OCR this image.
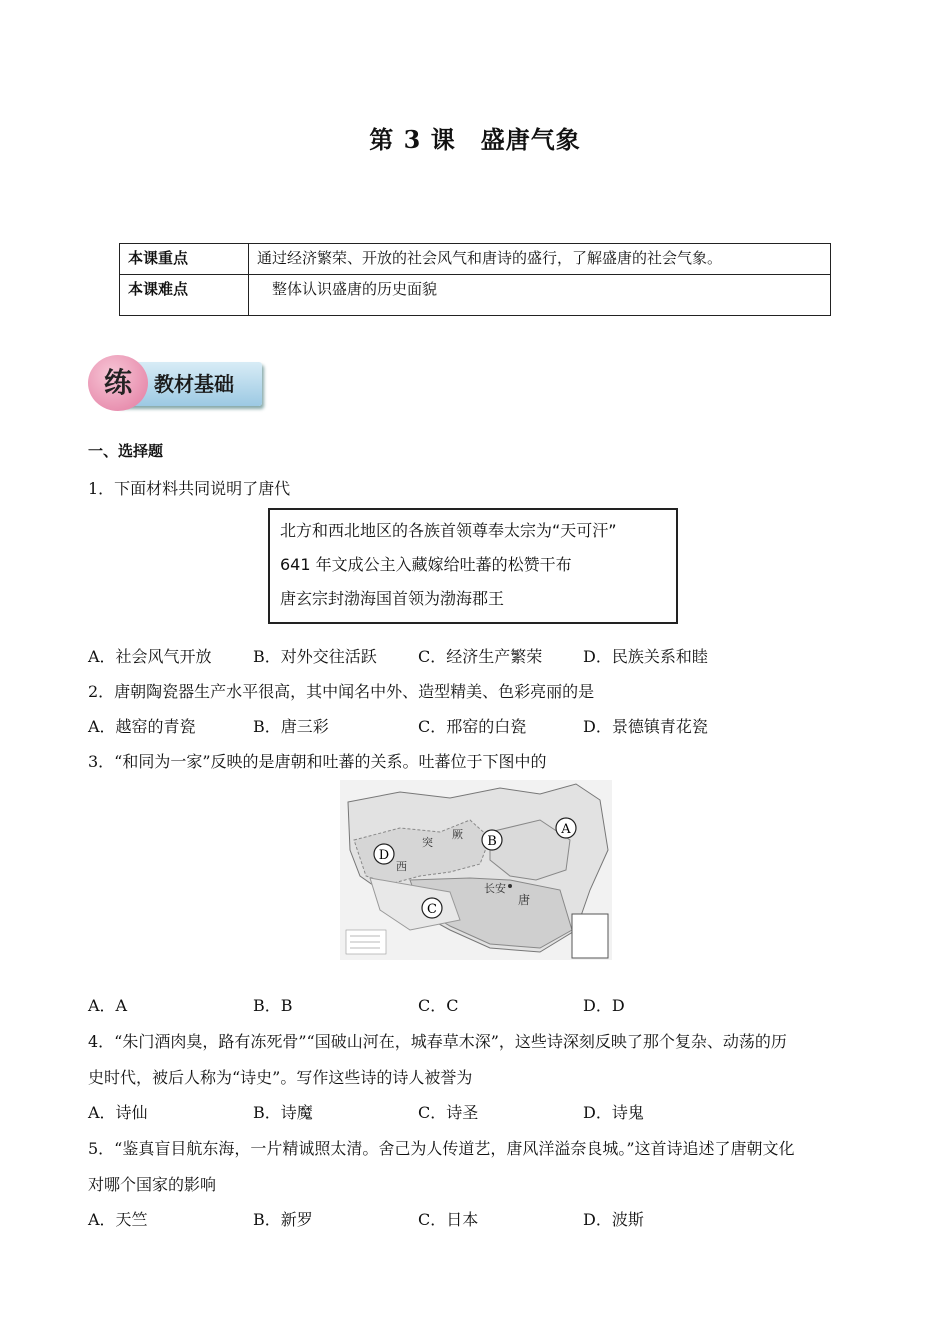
第 3 课　盛唐气象
本课重点	通过经济繁荣、开放的社会风气和唐诗的盛行，了解盛唐的社会气象。
本课难点	　整体认识盛唐的历史面貌
练	教材基础
一、选择题
1．下面材料共同说明了唐代
北方和西北地区的各族首领尊奉太宗为“天可汗”
641 年文成公主入藏嫁给吐蕃的松赞干布
唐玄宗封渤海国首领为渤海郡王
A．社会风气开放	B．对外交往活跃	C．经济生产繁荣	D．民族关系和睦
2．唐朝陶瓷器生产水平很高，其中闻名中外、造型精美、色彩亮丽的是
A．越窑的青瓷	B．唐三彩	C．邢窑的白瓷	D．景德镇青花瓷
3．“和同为一家”反映的是唐朝和吐蕃的关系。吐蕃位于下图中的
A
B
C
D
突
厥
西
长安
唐
A．A	B．B	C．C	D．D
4．“朱门酒肉臭，路有冻死骨”“国破山河在，城春草木深”，这些诗深刻反映了那个复杂、动荡的历
史时代，被后人称为“诗史”。写作这些诗的诗人被誉为
A．诗仙	B．诗魔	C．诗圣	D．诗鬼
5．“鉴真盲目航东海，一片精诚照太清。舍己为人传道艺，唐风洋溢奈良城。”这首诗追述了唐朝文化
对哪个国家的影响
A．天竺	B．新罗	C．日本	D．波斯
